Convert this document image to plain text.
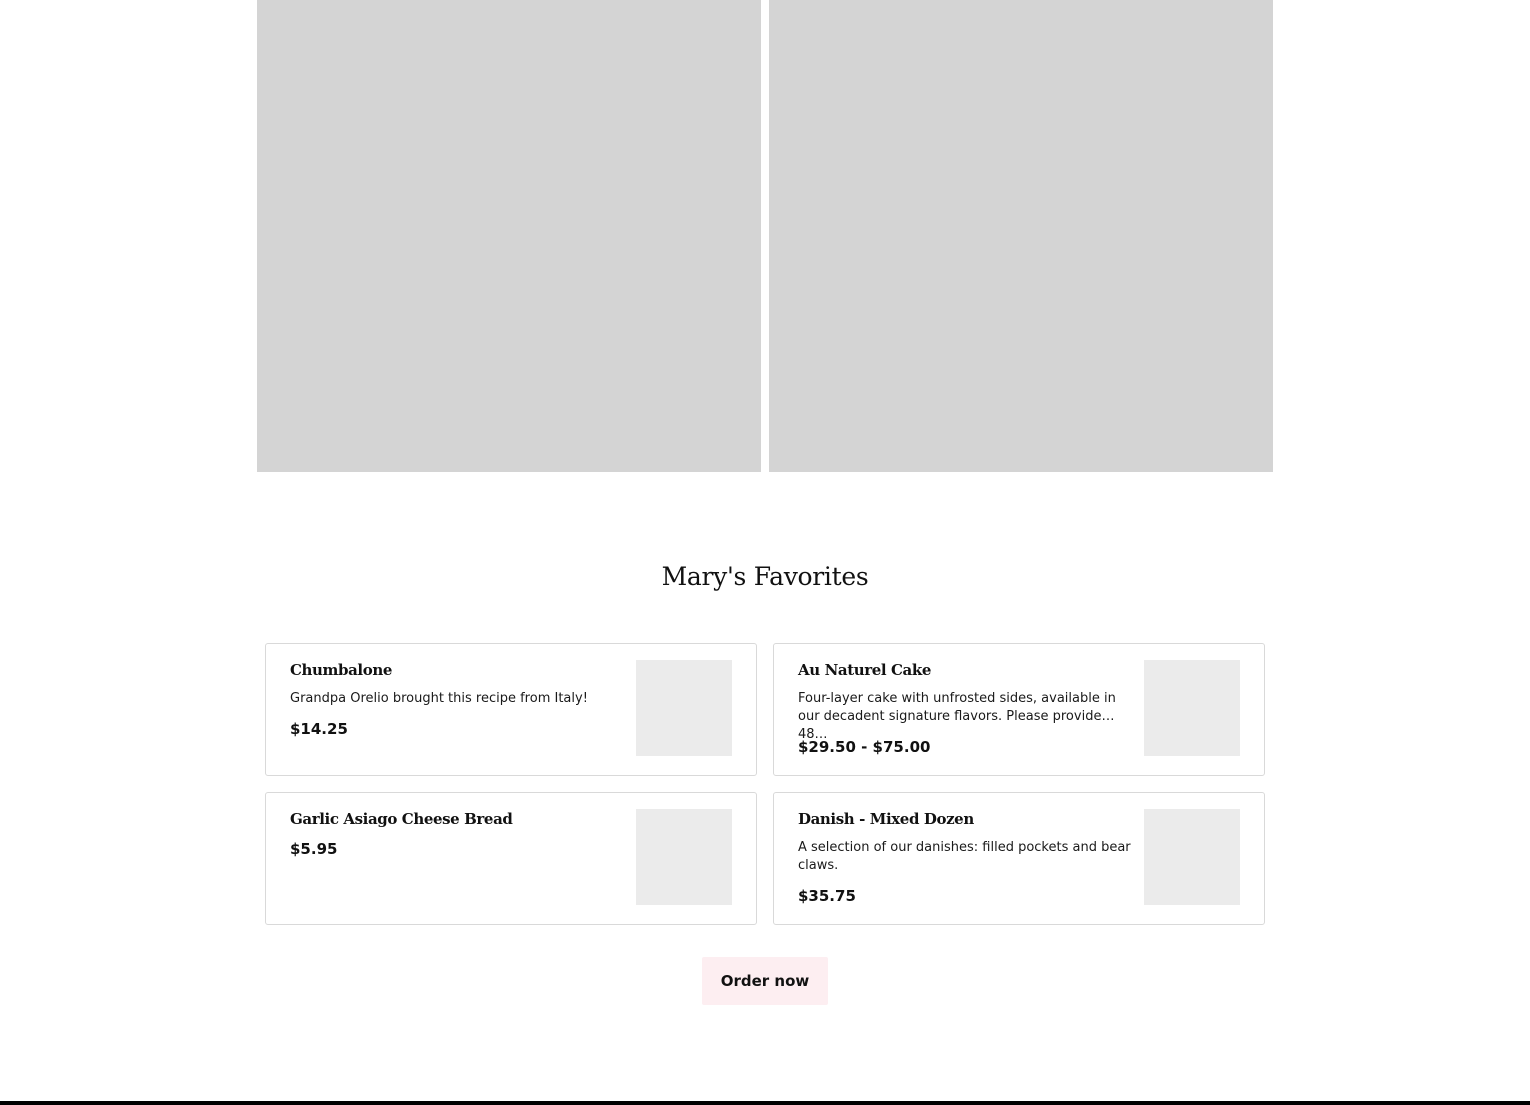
Mary's Favorites

Chumbalone

Grandpa Orelio brought this recipe from Italy!

$14.25

Au Naturel Cake

Four-layer cake with unfrosted sides, available in our decadent signature flavors. Please provide 48…

$29.50 - $75.00

Garlic Asiago Cheese Bread

$5.95

Danish - Mixed Dozen

A selection of our danishes: filled pockets and bear claws.

$35.75

Order now
